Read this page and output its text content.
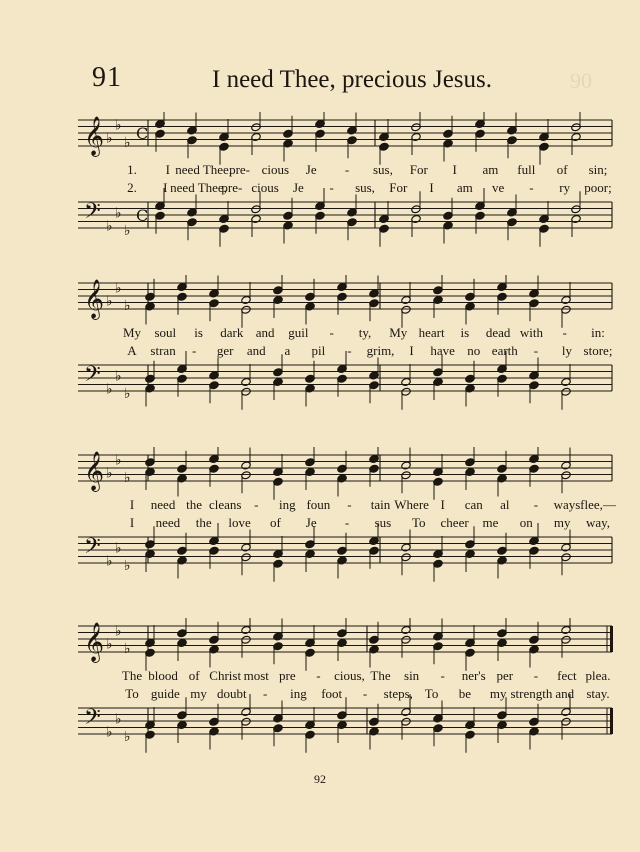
91	I need Thee, precious Jesus.	90
𝄞 ♭
♭
♭ C
𝄢 ♭
♭
♭
C
1. I need Thee,
pre- cious Je - sus, For I am full of sin;
2. I need Thee,
pre- cious Je - sus, For I am ve - ry poor;
𝄞 ♭
♭
♭
𝄢 ♭
♭
♭
My soul is dark and guil - ty, My heart is dead with - in:
A stran - ger and a pil - grim, I have no earth - ly store;
𝄞 ♭
♭
♭
𝄢 ♭
♭
♭
I need the cleans - ing foun - tain Where I can al - ways flee,—
I need the love of Je - sus To cheer me on my way,
𝄞 ♭
♭
♭
𝄢 ♭
♭
♭
The blood of Christ most pre - cious, The sin - ner's per - fect plea.
To guide my doubt - ing foot - steps, To be my strength and stay.
92
